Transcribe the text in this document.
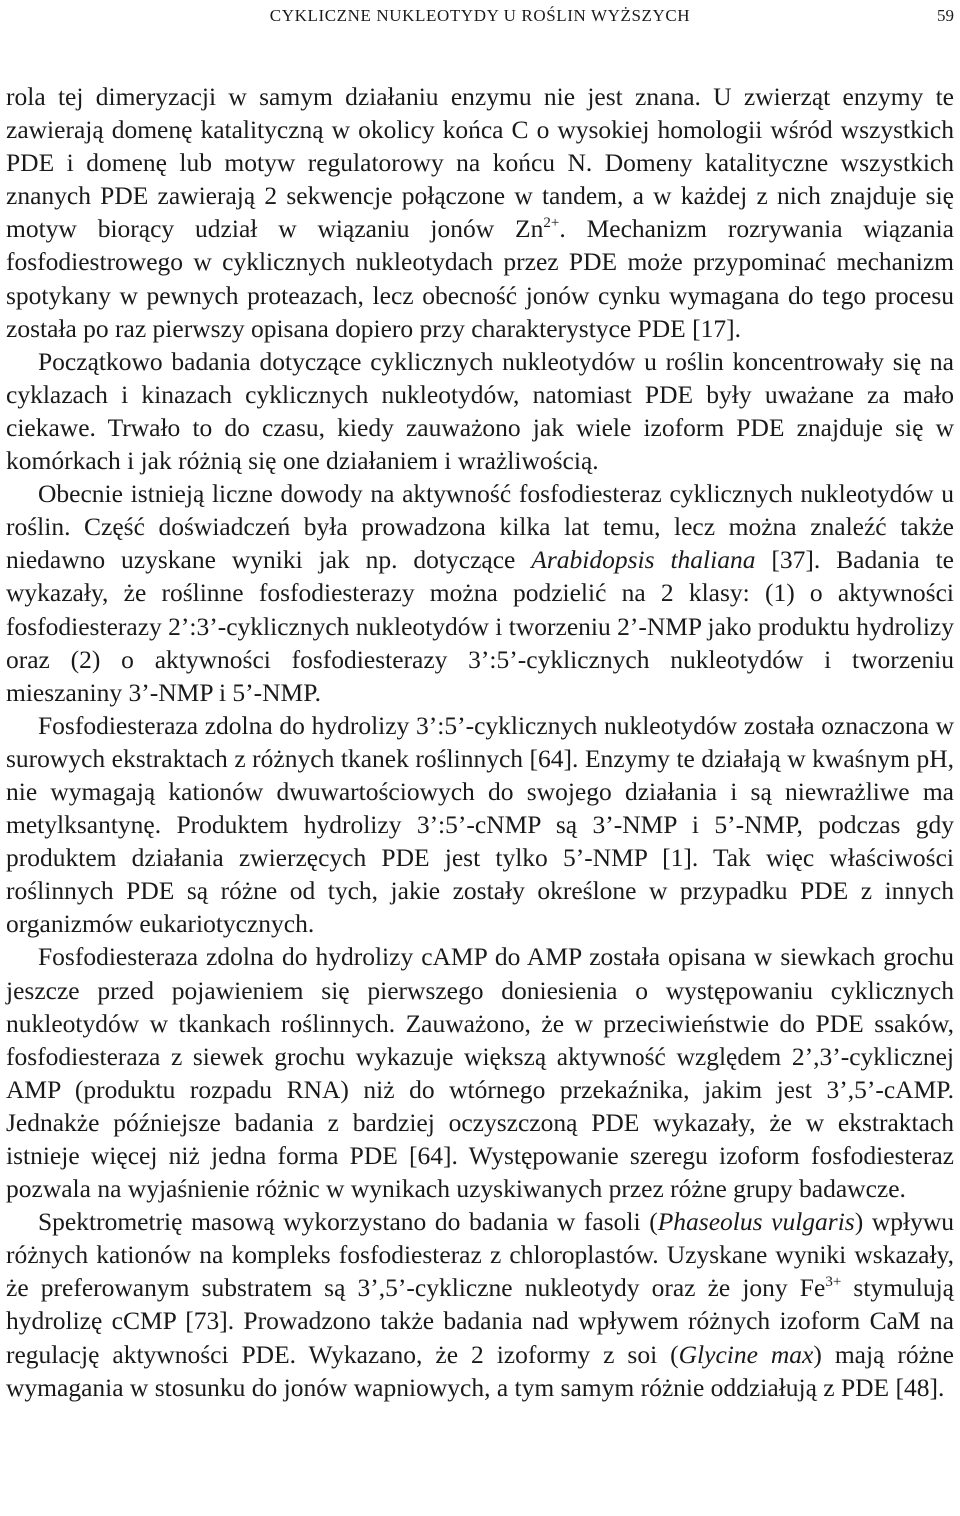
CYKLICZNE NUKLEOTYDY U ROŚLIN WYŻSZYCH	59

rola tej dimeryzacji w samym działaniu enzymu nie jest znana. U zwierząt enzymy te zawierają domenę katalityczną w okolicy końca C o wysokiej homologii wśród wszystkich PDE i domenę lub motyw regulatorowy na końcu N. Domeny katalityczne wszystkich znanych PDE zawierają 2 sekwencje połączone w tandem, a w każdej z nich znajduje się motyw biorący udział w wiązaniu jonów $Zn^{2+}$. Mechanizm rozrywania wiązania fosfodiestrowego w cyklicznych nukleotydach przez PDE może przypominać mechanizm spotykany w pewnych proteazach, lecz obecność jonów cynku wymagana do tego procesu została po raz pierwszy opisana dopiero przy charakterystyce PDE [17].

Początkowo badania dotyczące cyklicznych nukleotydów u roślin koncentrowały się na cyklazach i kinazach cyklicznych nukleotydów, natomiast PDE były uważane za mało ciekawe. Trwało to do czasu, kiedy zauważono jak wiele izoform PDE znajduje się w komórkach i jak różnią się one działaniem i wrażliwością.

Obecnie istnieją liczne dowody na aktywność fosfodiesteraz cyklicznych nukleotydów u roślin. Część doświadczeń była prowadzona kilka lat temu, lecz można znaleźć także niedawno uzyskane wyniki jak np. dotyczące Arabidopsis thaliana [37]. Badania te wykazały, że roślinne fosfodiesterazy można podzielić na 2 klasy: (1) o aktywności fosfodiesterazy 2’:3’-cyklicznych nukleotydów i tworzeniu 2’-NMP jako produktu hydrolizy oraz (2) o aktywności fosfodiesterazy 3’:5’-cyklicznych nukleotydów i tworzeniu mieszaniny 3’-NMP i 5’-NMP.

Fosfodiesteraza zdolna do hydrolizy 3’:5’-cyklicznych nukleotydów została oznaczona w surowych ekstraktach z różnych tkanek roślinnych [64]. Enzymy te działają w kwaśnym pH, nie wymagają kationów dwuwartościowych do swojego działania i są niewrażliwe ma metylksantynę. Produktem hydrolizy 3’:5’-cNMP są 3’-NMP i 5’-NMP, podczas gdy produktem działania zwierzęcych PDE jest tylko 5’-NMP [1]. Tak więc właściwości roślinnych PDE są różne od tych, jakie zostały określone w przypadku PDE z innych organizmów eukariotycznych.

Fosfodiesteraza zdolna do hydrolizy cAMP do AMP została opisana w siewkach grochu jeszcze przed pojawieniem się pierwszego doniesienia o występowaniu cyklicznych nukleotydów w tkankach roślinnych. Zauważono, że w przeciwieństwie do PDE ssaków, fosfodiesteraza z siewek grochu wykazuje większą aktywność względem 2’,3’-cyklicznej AMP (produktu rozpadu RNA) niż do wtórnego przekaźnika, jakim jest 3’,5’-cAMP. Jednakże późniejsze badania z bardziej oczyszczoną PDE wykazały, że w ekstraktach istnieje więcej niż jedna forma PDE [64]. Występowanie szeregu izoform fosfodiesteraz pozwala na wyjaśnienie różnic w wynikach uzyskiwanych przez różne grupy badawcze.

Spektrometrię masową wykorzystano do badania w fasoli (Phaseolus vulgaris) wpływu różnych kationów na kompleks fosfodiesteraz z chloroplastów. Uzyskane wyniki wskazały, że preferowanym substratem są 3’,5’-cykliczne nukleotydy oraz że jony $Fe^{3+}$ stymulują hydrolizę cCMP [73]. Prowadzono także badania nad wpływem różnych izoform CaM na regulację aktywności PDE. Wykazano, że 2 izoformy z soi (Glycine max) mają różne wymagania w stosunku do jonów wapniowych, a tym samym różnie oddziałują z PDE [48].
